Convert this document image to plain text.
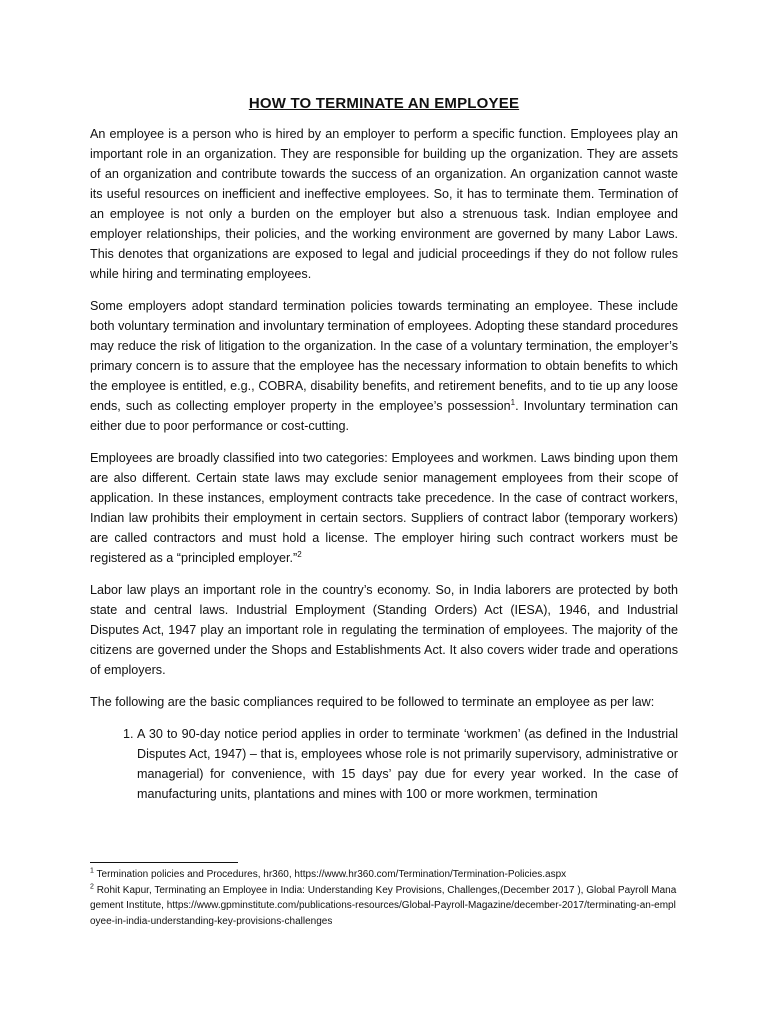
HOW TO TERMINATE AN EMPLOYEE

An employee is a person who is hired by an employer to perform a specific function. Employees play an important role in an organization. They are responsible for building up the organization. They are assets of an organization and contribute towards the success of an organization. An organization cannot waste its useful resources on inefficient and ineffective employees. So, it has to terminate them. Termination of an employee is not only a burden on the employer but also a strenuous task. Indian employee and employer relationships, their policies, and the working environment are governed by many Labor Laws. This denotes that organizations are exposed to legal and judicial proceedings if they do not follow rules while hiring and terminating employees.

Some employers adopt standard termination policies towards terminating an employee. These include both voluntary termination and involuntary termination of employees. Adopting these standard procedures may reduce the risk of litigation to the organization. In the case of a voluntary termination, the employer’s primary concern is to assure that the employee has the necessary information to obtain benefits to which the employee is entitled, e.g., COBRA, disability benefits, and retirement benefits, and to tie up any loose ends, such as collecting employer property in the employee’s possession$^1$. Involuntary termination can either due to poor performance or cost-cutting.

Employees are broadly classified into two categories: Employees and workmen. Laws binding upon them are also different. Certain state laws may exclude senior management employees from their scope of application. In these instances, employment contracts take precedence. In the case of contract workers, Indian law prohibits their employment in certain sectors. Suppliers of contract labor (temporary workers) are called contractors and must hold a license. The employer hiring such contract workers must be registered as a “principled employer.”$^2$

Labor law plays an important role in the country’s economy. So, in India laborers are protected by both state and central laws. Industrial Employment (Standing Orders) Act (IESA), 1946, and Industrial Disputes Act, 1947 play an important role in regulating the termination of employees. The majority of the citizens are governed under the Shops and Establishments Act. It also covers wider trade and operations of employers.

The following are the basic compliances required to be followed to terminate an employee as per law:

1. A 30 to 90-day notice period applies in order to terminate ‘workmen’ (as defined in the Industrial Disputes Act, 1947) – that is, employees whose role is not primarily supervisory, administrative or managerial) for convenience, with 15 days’ pay due for every year worked. In the case of manufacturing units, plantations and mines with 100 or more workmen, termination

$^1$ Termination policies and Procedures, hr360, https://www.hr360.com/Termination/Termination-Policies.aspx

$^2$ Rohit Kapur, Terminating an Employee in India: Understanding Key Provisions, Challenges,(December 2017 ), Global Payroll Management Institute, https://www.gpminstitute.com/publications-resources/Global-Payroll-Magazine/december-2017/terminating-an-employee-in-india-understanding-key-provisions-challenges
